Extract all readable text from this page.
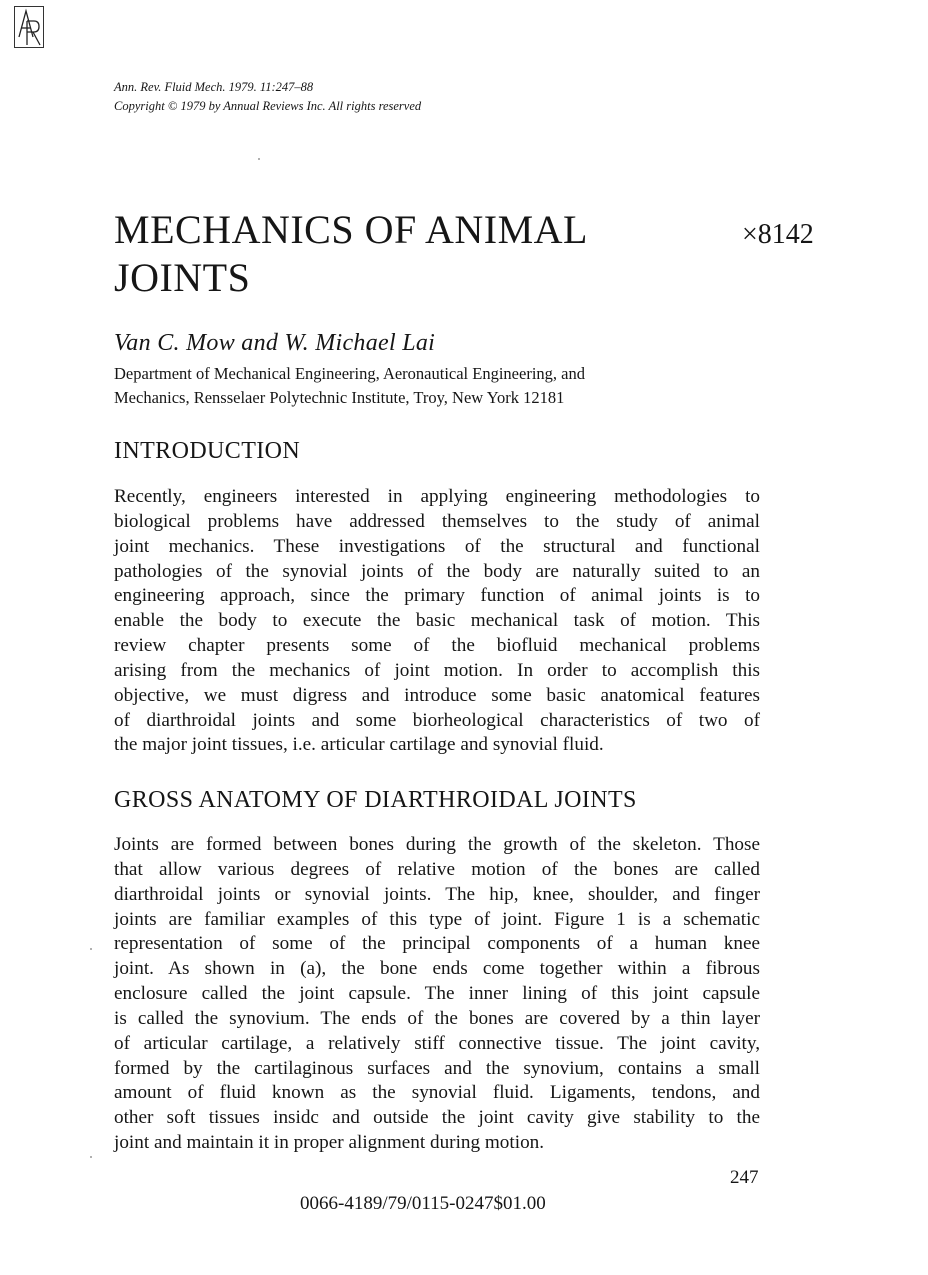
Ann. Rev. Fluid Mech. 1979. 11:247–88
Copyright © 1979 by Annual Reviews Inc. All rights reserved
MECHANICS OF ANIMAL JOINTS
×8142
Van C. Mow and W. Michael Lai
Department of Mechanical Engineering, Aeronautical Engineering, and
Mechanics, Rensselaer Polytechnic Institute, Troy, New York 12181
INTRODUCTION
Recently, engineers interested in applying engineering methodologies to
biological problems have addressed themselves to the study of animal
joint mechanics. These investigations of the structural and functional
pathologies of the synovial joints of the body are naturally suited to an
engineering approach, since the primary function of animal joints is to
enable the body to execute the basic mechanical task of motion. This
review chapter presents some of the biofluid mechanical problems
arising from the mechanics of joint motion. In order to accomplish this
objective, we must digress and introduce some basic anatomical features
of diarthroidal joints and some biorheological characteristics of two of
the major joint tissues, i.e. articular cartilage and synovial fluid.
GROSS ANATOMY OF DIARTHROIDAL JOINTS
Joints are formed between bones during the growth of the skeleton. Those
that allow various degrees of relative motion of the bones are called
diarthroidal joints or synovial joints. The hip, knee, shoulder, and finger
joints are familiar examples of this type of joint. Figure 1 is a schematic
representation of some of the principal components of a human knee
joint. As shown in (a), the bone ends come together within a fibrous
enclosure called the joint capsule. The inner lining of this joint capsule
is called the synovium. The ends of the bones are covered by a thin layer
of articular cartilage, a relatively stiff connective tissue. The joint cavity,
formed by the cartilaginous surfaces and the synovium, contains a small
amount of fluid known as the synovial fluid. Ligaments, tendons, and
other soft tissues insidc and outside the joint cavity give stability to the
joint and maintain it in proper alignment during motion.
247
0066-4189/79/0115-0247$01.00
